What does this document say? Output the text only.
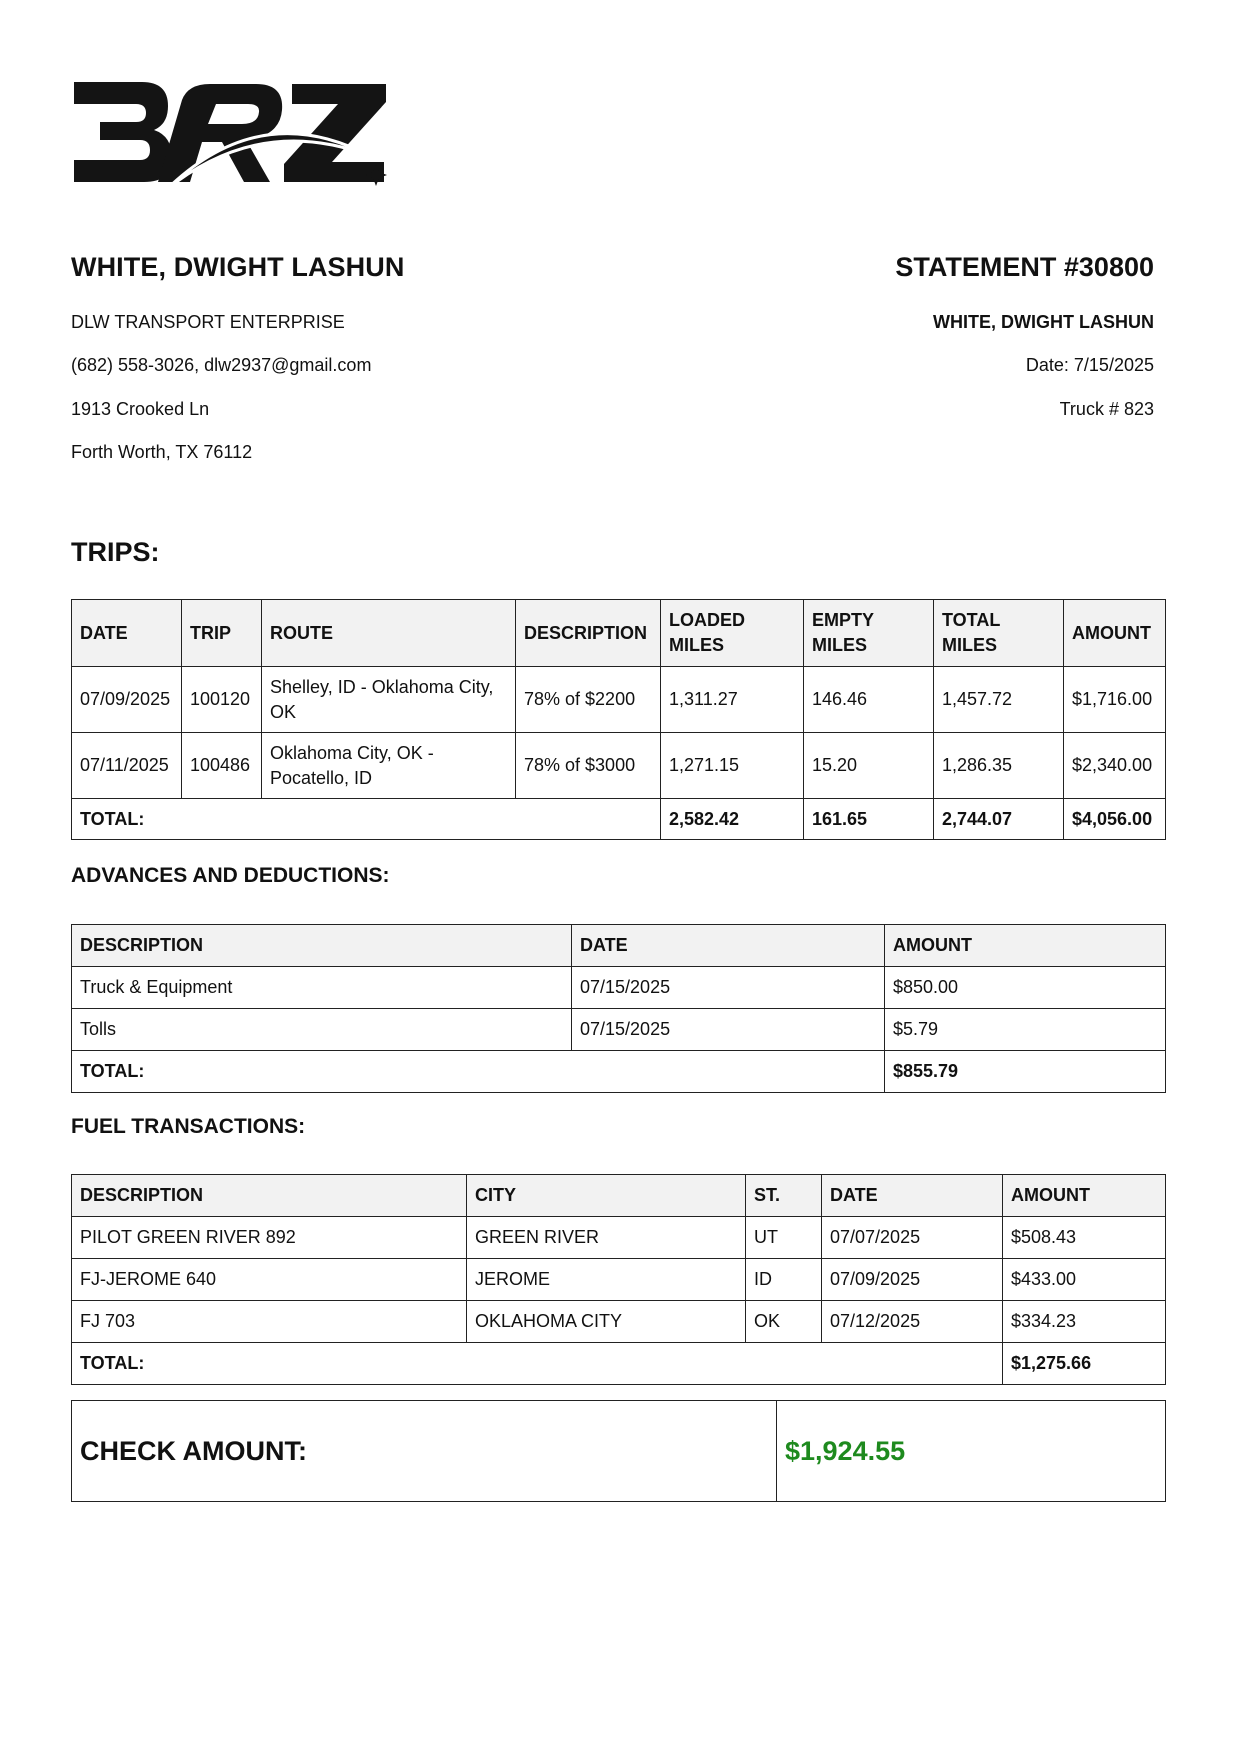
WHITE, DWIGHT LASHUN	STATEMENT #30800
DLW TRANSPORT ENTERPRISE
(682) 558-3026, dlw2937@gmail.com
1913 Crooked Ln
Forth Worth, TX 76112
WHITE, DWIGHT LASHUN
Date: 7/15/2025
Truck # 823
TRIPS:
DATE	TRIP	ROUTE	DESCRIPTION	LOADED MILES	EMPTY MILES	TOTAL MILES	AMOUNT
07/09/2025	100120	Shelley, ID - Oklahoma City, OK	78% of $2200	1,311.27	146.46	1,457.72	$1,716.00
07/11/2025	100486	Oklahoma City, OK - Pocatello, ID	78% of $3000	1,271.15	15.20	1,286.35	$2,340.00
TOTAL:				2,582.42	161.65	2,744.07	$4,056.00
ADVANCES AND DEDUCTIONS:
DESCRIPTION	DATE	AMOUNT
Truck & Equipment	07/15/2025	$850.00
Tolls	07/15/2025	$5.79
TOTAL:		$855.79
FUEL TRANSACTIONS:
DESCRIPTION	CITY	ST.	DATE	AMOUNT
PILOT GREEN RIVER 892	GREEN RIVER	UT	07/07/2025	$508.43
FJ-JEROME 640	JEROME	ID	07/09/2025	$433.00
FJ 703	OKLAHOMA CITY	OK	07/12/2025	$334.23
TOTAL:				$1,275.66
CHECK AMOUNT:	$1,924.55
